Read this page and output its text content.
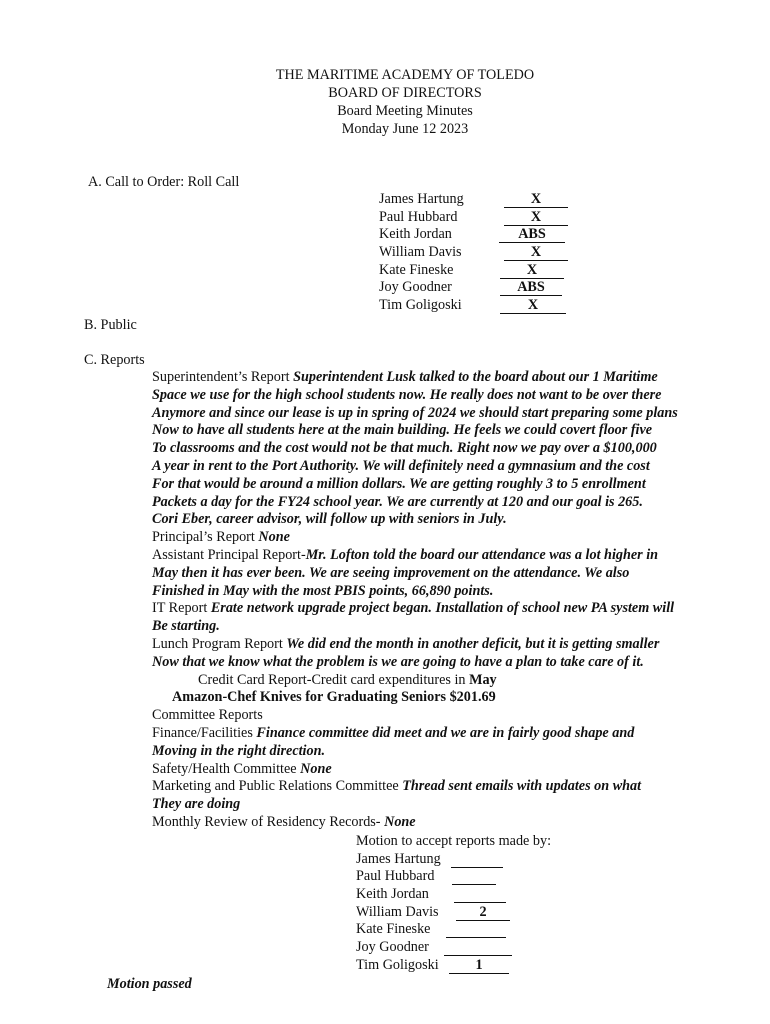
THE MARITIME ACADEMY OF TOLEDO
BOARD OF DIRECTORS
Board Meeting Minutes
Monday June 12 2023
A. Call to Order: Roll Call
James Hartung	X
Paul Hubbard	X
Keith Jordan	ABS
William Davis	X
Kate Fineske	X
Joy Goodner	ABS
Tim Goligoski	X
B. Public
C. Reports
Superintendent’s Report Superintendent Lusk talked to the board about our 1 Maritime
Space we use for the high school students now. He really does not want to be over there
Anymore and since our lease is up in spring of 2024 we should start preparing some plans
Now to have all students here at the main building. He feels we could covert floor five
To classrooms and the cost would not be that much. Right now we pay over a $100,000
A year in rent to the Port Authority. We will definitely need a gymnasium and the cost
For that would be around a million dollars. We are getting roughly 3 to 5 enrollment
Packets a day for the FY24 school year. We are currently at 120 and our goal is 265.
Cori Eber, career advisor, will follow up with seniors in July.
Principal’s Report None
Assistant Principal Report-Mr. Lofton told the board our attendance was a lot higher in
May then it has ever been. We are seeing improvement on the attendance. We also
Finished in May with the most PBIS points, 66,890 points.
IT Report Erate network upgrade project began. Installation of school new PA system will
Be starting.
Lunch Program Report We did end the month in another deficit, but it is getting smaller
Now that we know what the problem is we are going to have a plan to take care of it.
Credit Card Report-Credit card expenditures in May
Amazon-Chef Knives for Graduating Seniors $201.69
Committee Reports
Finance/Facilities Finance committee did meet and we are in fairly good shape and
Moving in the right direction.
Safety/Health Committee None
Marketing and Public Relations Committee Thread sent emails with updates on what
They are doing
Monthly Review of Residency Records- None
Motion to accept reports made by:
James Hartung
Paul Hubbard
Keith Jordan
William Davis	2
Kate Fineske
Joy Goodner
Tim Goligoski	1
Motion passed
